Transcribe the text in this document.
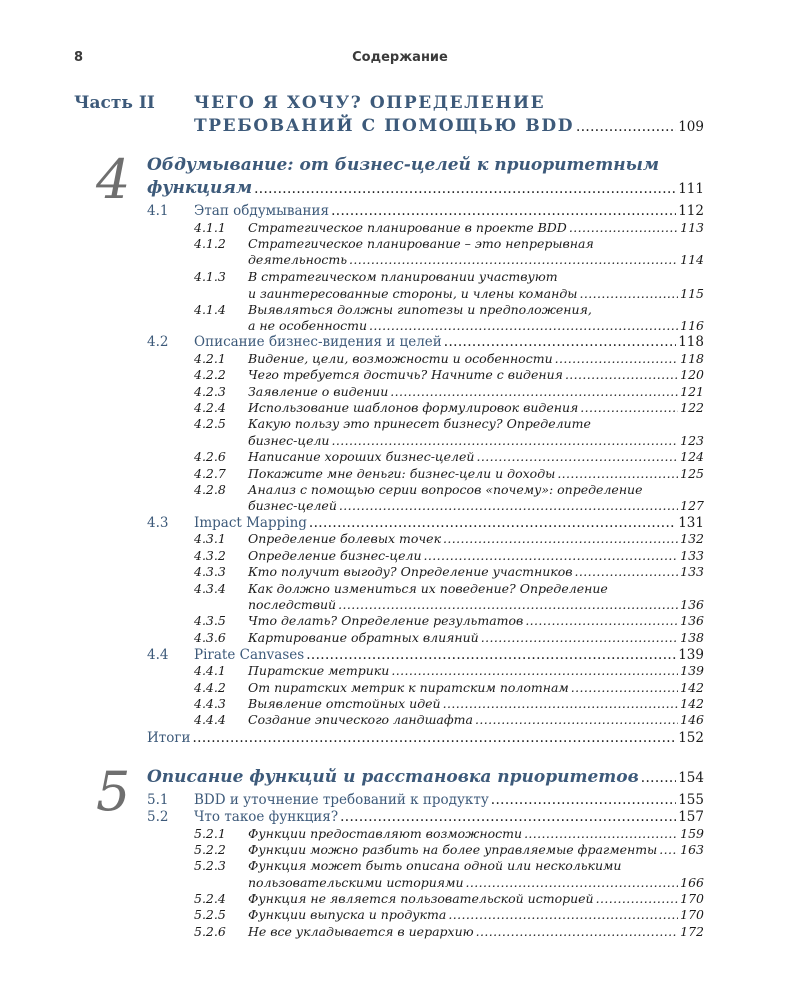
8	Содержание
Часть II ЧЕГО Я ХОЧУ? ОПРЕДЕЛЕНИЕ
ТРЕБОВАНИЙ С ПОМОЩЬЮ BDD .....	109
4 Обдумывание: от бизнес-целей к приоритетным
функциям .....	111
4.1 Этап обдумывания .....	112
4.1.1 Стратегическое планирование в проекте BDD .....	113
4.1.2 Стратегическое планирование – это непрерывная
деятельность .....	114
4.1.3 В стратегическом планировании участвуют
и заинтересованные стороны, и члены команды .....	115
4.1.4 Выявляться должны гипотезы и предположения,
а не особенности .....	116
4.2 Описание бизнес-видения и целей .....	118
4.2.1 Видение, цели, возможности и особенности .....	118
4.2.2 Чего требуется достичь? Начните с видения .....	120
4.2.3 Заявление о видении .....	121
4.2.4 Использование шаблонов формулировок видения .....	122
4.2.5 Какую пользу это принесет бизнесу? Определите
бизнес-цели .....	123
4.2.6 Написание хороших бизнес-целей .....	124
4.2.7 Покажите мне деньги: бизнес-цели и доходы .....	125
4.2.8 Анализ с помощью серии вопросов «почему»: определение
бизнес-целей .....	127
4.3 Impact Mapping .....	131
4.3.1 Определение болевых точек .....	132
4.3.2 Определение бизнес-цели .....	133
4.3.3 Кто получит выгоду? Определение участников .....	133
4.3.4 Как должно измениться их поведение? Определение
последствий .....	136
4.3.5 Что делать? Определение результатов .....	136
4.3.6 Картирование обратных влияний .....	138
4.4 Pirate Canvases .....	139
4.4.1 Пиратские метрики .....	139
4.4.2 От пиратских метрик к пиратским полотнам .....	142
4.4.3 Выявление отстойных идей .....	142
4.4.4 Создание эпического ландшафта .....	146
Итоги .....	152
5 Описание функций и расстановка приоритетов .....	154
5.1 BDD и уточнение требований к продукту .....	155
5.2 Что такое функция? .....	157
5.2.1 Функции предоставляют возможности .....	159
5.2.2 Функции можно разбить на более управляемые фрагменты ..... 163
5.2.3 Функция может быть описана одной или несколькими
пользовательскими историями .....	166
5.2.4 Функция не является пользовательской историей .....	170
5.2.5 Функции выпуска и продукта .....	170
5.2.6 Не все укладывается в иерархию .....	172
